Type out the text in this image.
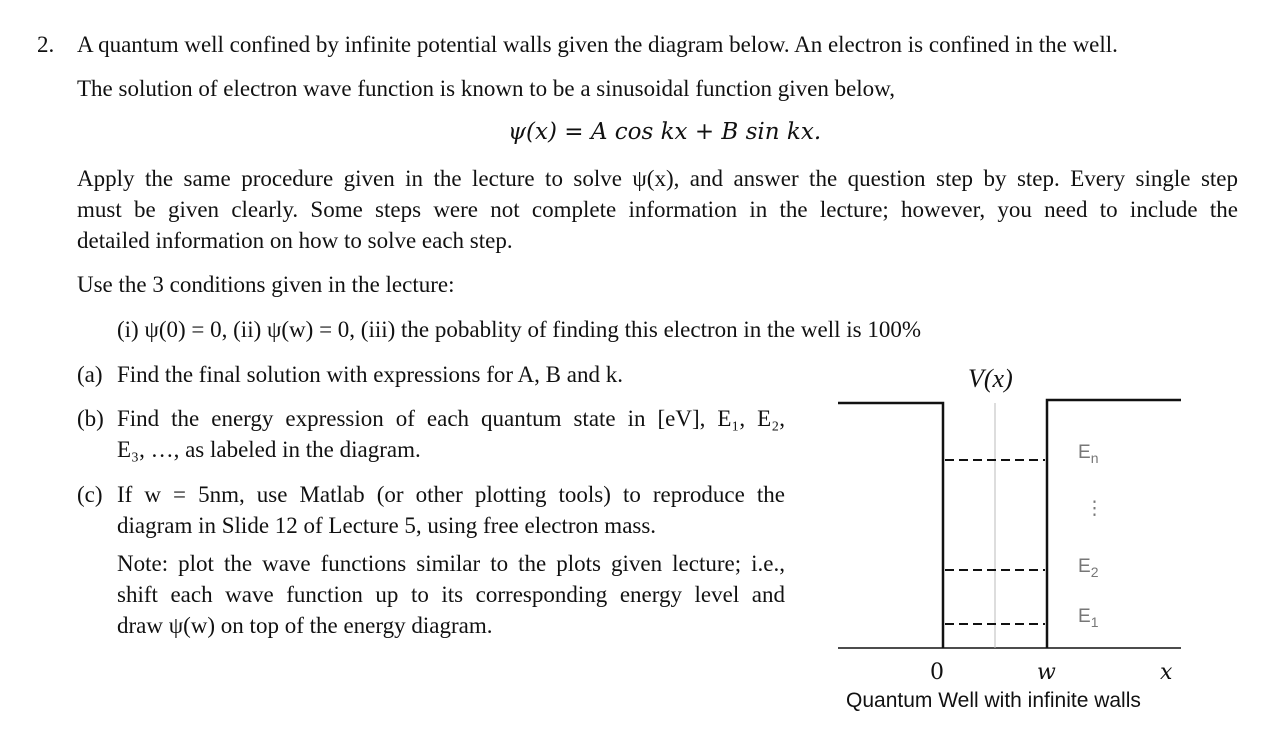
2. A quantum well confined by infinite potential walls given the diagram below. An electron is confined in the well.
The solution of electron wave function is known to be a sinusoidal function given below,
ψ(x) = A cos kx + B sin kx.
Apply the same procedure given in the lecture to solve ψ(x), and answer the question step by step. Every single step
must be given clearly. Some steps were not complete information in the lecture; however, you need to include the
detailed information on how to solve each step.
Use the 3 conditions given in the lecture:
(i) ψ(0) = 0, (ii) ψ(w) = 0, (iii) the pobablity of finding this electron in the well is 100%
(a) Find the final solution with expressions for A, B and k.
(b) Find the energy expression of each quantum state in [eV], E₁, E₂,
E₃, …, as labeled in the diagram.
(c) If w = 5nm, use Matlab (or other plotting tools) to reproduce the
diagram in Slide 12 of Lecture 5, using free electron mass.
Note: plot the wave functions similar to the plots given lecture; i.e.,
shift each wave function up to its corresponding energy level and
draw ψ(w) on top of the energy diagram.
V(x)
$E_n$
$E_2$
$E_1$
⋮
0	w	x
Quantum Well with infinite walls
